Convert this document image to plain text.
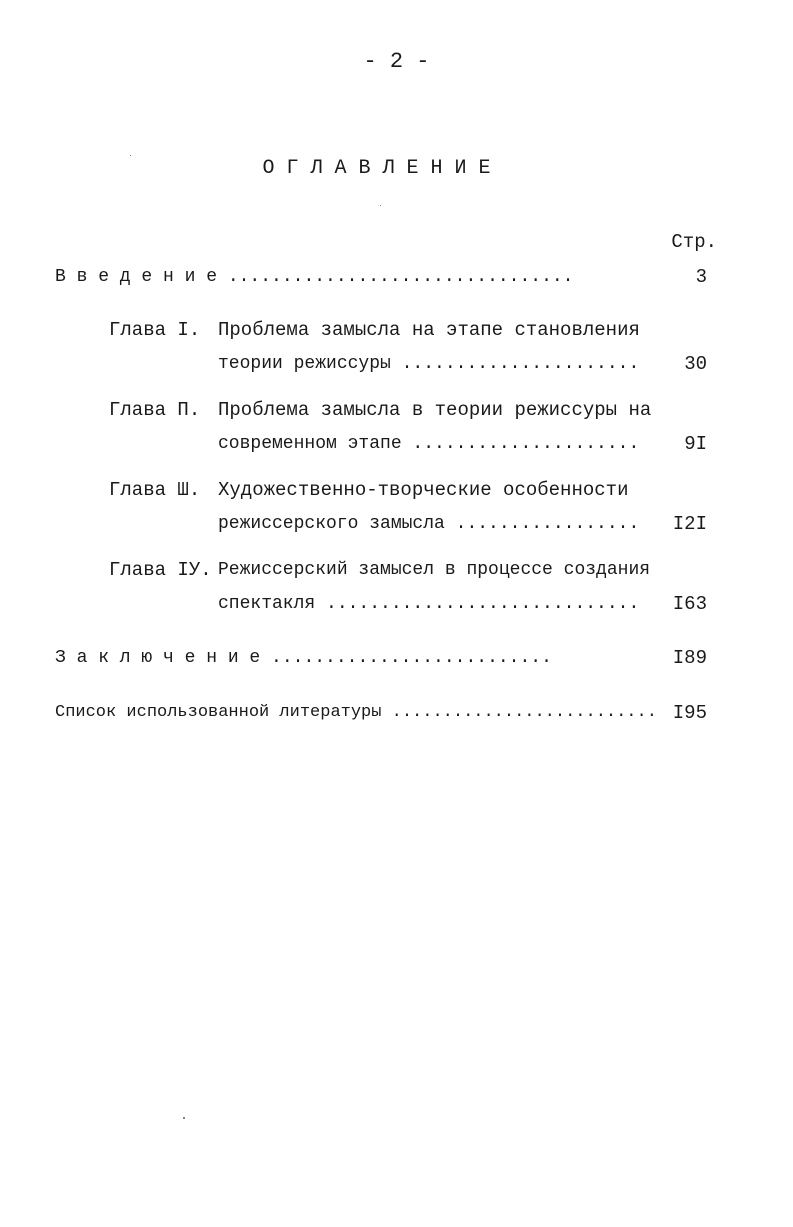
- 2 -
О Г Л А В Л Е Н И Е
Стр.
В в е д е н и е ................................	3
Глава I. Проблема замысла на этапе становления
теории режиссуры ......................	30
Глава П. Проблема замысла в теории режиссуры на
современном этапе .....................	9I
Глава Ш. Художественно-творческие особенности
режиссерского замысла .................	I2I
Глава IУ. Режиссерский замысел в процессе создания
спектакля .............................	I63
З а к л ю ч е н и е ..........................	I89
Список использованной литературы .......................... I95
